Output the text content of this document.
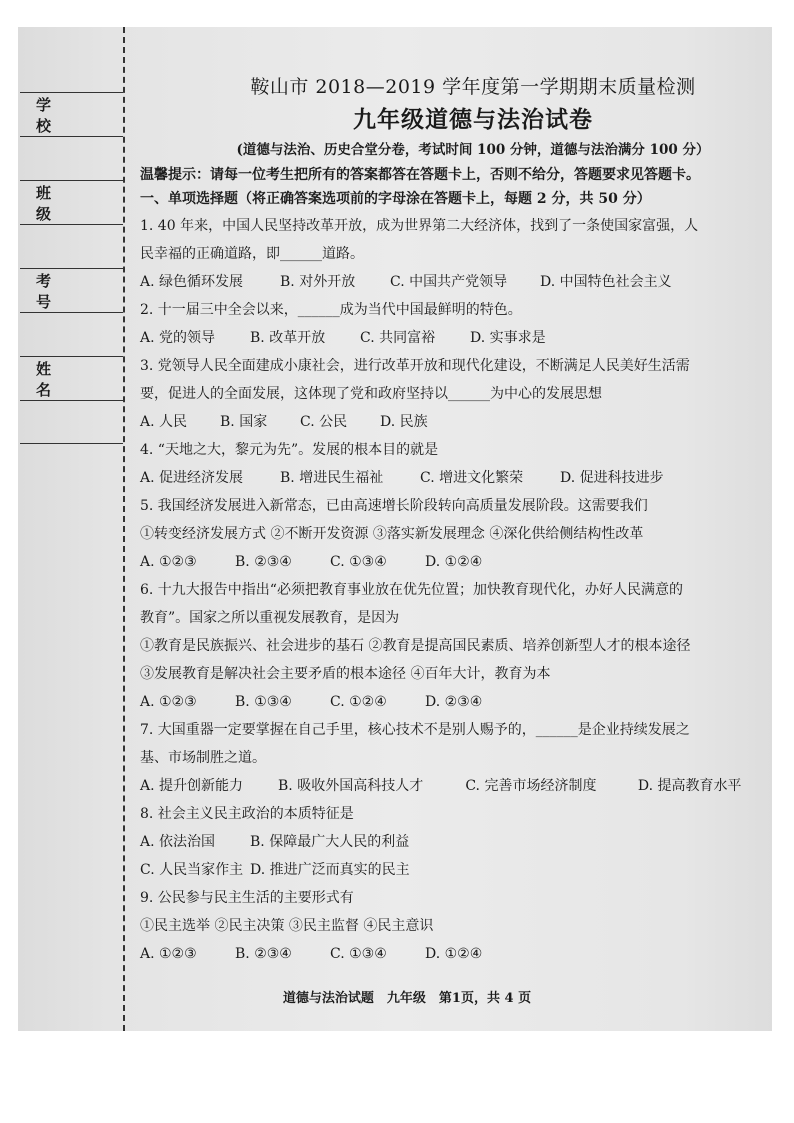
学　校
班　级
考　号
姓　名
鞍山市 2018—2019 学年度第一学期期末质量检测
九年级道德与法治试卷
(道德与法治、历史合堂分卷，考试时间 100 分钟，道德与法治满分 100 分）
温馨提示：请每一位考生把所有的答案都答在答题卡上，否则不给分，答题要求见答题卡。
一、单项选择题（将正确答案选项前的字母涂在答题卡上，每题 2 分，共 50 分）
1. 40 年来，中国人民坚持改革开放，成为世界第二大经济体，找到了一条使国家富强，人
民幸福的正确道路，即______道路。
A. 绿色循环发展	B. 对外开放	C. 中国共产党领导	D. 中国特色社会主义
2. 十一届三中全会以来，______成为当代中国最鲜明的特色。
A. 党的领导	B. 改革开放	C. 共同富裕	D. 实事求是
3. 党领导人民全面建成小康社会，进行改革开放和现代化建设，不断满足人民美好生活需
要，促进人的全面发展，这体现了党和政府坚持以______为中心的发展思想
A. 人民	B. 国家	C. 公民	D. 民族
4. “天地之大，黎元为先”。发展的根本目的就是
A. 促进经济发展	B. 增进民生福祉	C. 增进文化繁荣	D. 促进科技进步
5. 我国经济发展进入新常态，已由高速增长阶段转向高质量发展阶段。这需要我们
①转变经济发展方式 ②不断开发资源 ③落实新发展理念 ④深化供给侧结构性改革
A. ①②③	B. ②③④	C. ①③④	D. ①②④
6. 十九大报告中指出“必须把教育事业放在优先位置；加快教育现代化，办好人民满意的
教育”。国家之所以重视发展教育，是因为
①教育是民族振兴、社会进步的基石 ②教育是提高国民素质、培养创新型人才的根本途径
③发展教育是解决社会主要矛盾的根本途径 ④百年大计，教育为本
A. ①②③	B. ①③④	C. ①②④	D. ②③④
7. 大国重器一定要掌握在自己手里，核心技术不是别人赐予的，______是企业持续发展之
基、市场制胜之道。
A. 提升创新能力	B. 吸收外国高科技人才	C. 完善市场经济制度	D. 提高教育水平
8. 社会主义民主政治的本质特征是
A. 依法治国	B. 保障最广大人民的利益
C. 人民当家作主 D. 推进广泛而真实的民主
9. 公民参与民主生活的主要形式有
①民主选举 ②民主决策 ③民主监督 ④民主意识
A. ①②③	B. ②③④	C. ①③④	D. ①②④
道德与法治试题　九年级　第1页，共 4 页
